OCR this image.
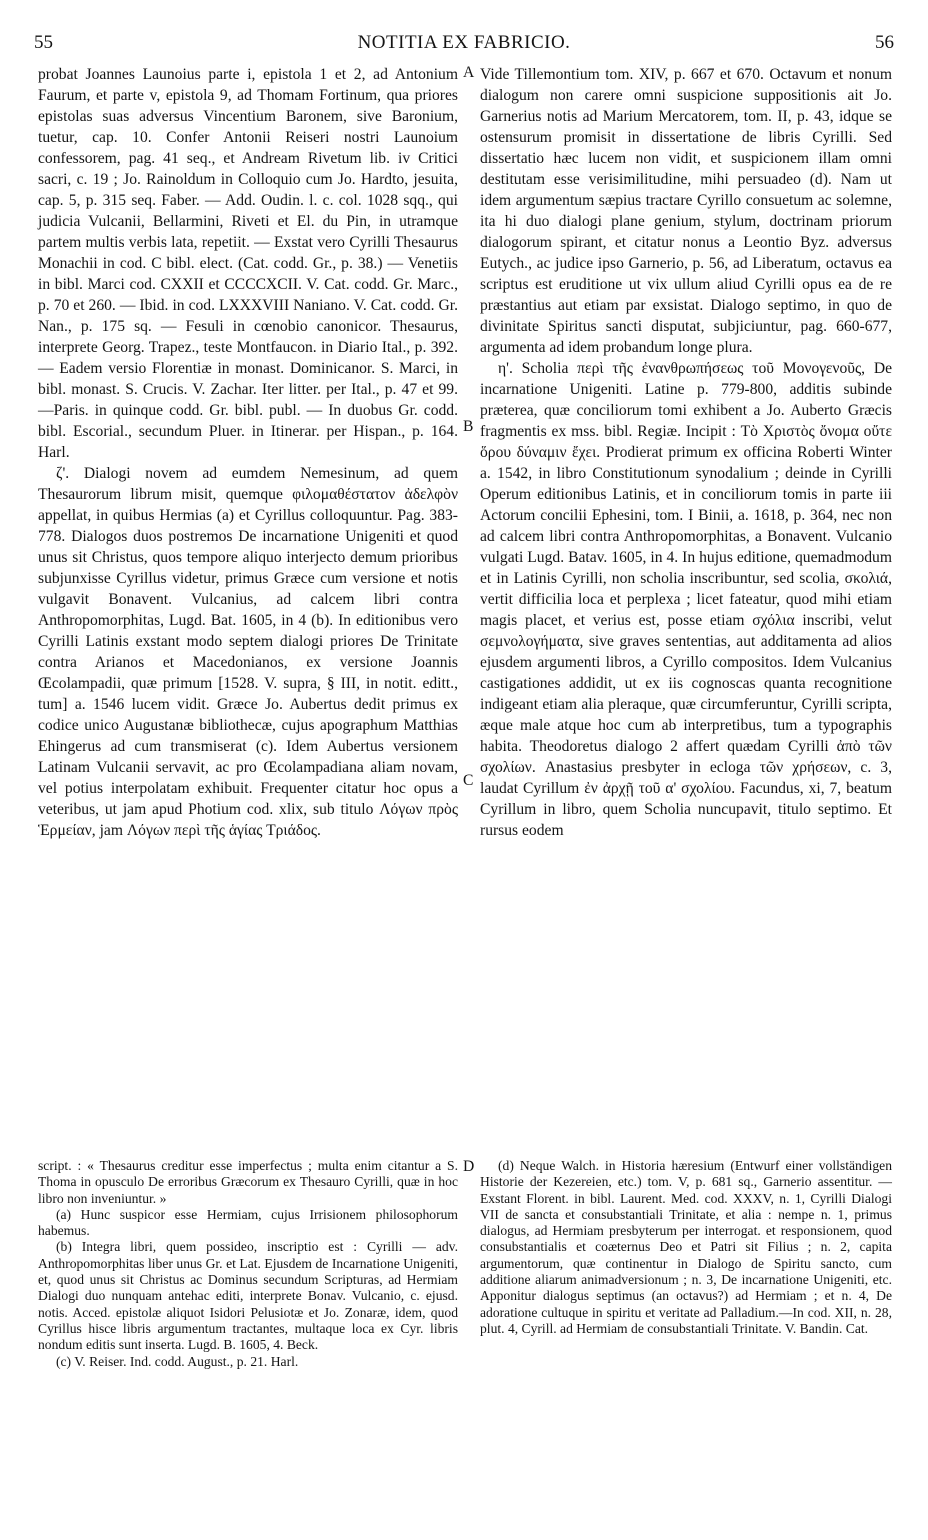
55	NOTITIA EX FABRICIO.	56

probat Joannes Launoius parte i, epistola 1 et 2, ad Antonium Faurum, et parte v, epistola 9, ad Thomam Fortinum, qua priores epistolas suas adversus Vincentium Baronem, sive Baronium, tuetur, cap. 10. Confer Antonii Reiseri nostri Launoium confessorem, pag. 41 seq., et Andream Rivetum lib. iv Critici sacri, c. 19 ; Jo. Rainoldum in Colloquio cum Jo. Hardto, jesuita, cap. 5, p. 315 seq. Faber. — Add. Oudin. l. c. col. 1028 sqq., qui judicia Vulcanii, Bellarmini, Riveti et El. du Pin, in utramque partem multis verbis lata, repetiit. — Exstat vero Cyrilli Thesaurus Monachii in cod. C bibl. elect. (Cat. codd. Gr., p. 38.) — Venetiis in bibl. Marci cod. CXXII et CCCCXCII. V. Cat. codd. Gr. Marc., p. 70 et 260. — Ibid. in cod. LXXXVIII Naniano. V. Cat. codd. Gr. Nan., p. 175 sq. — Fesuli in cœnobio canonicor. Thesaurus, interprete Georg. Trapez., teste Montfaucon. in Diario Ital., p. 392. — Eadem versio Florentiæ in monast. Dominicanor. S. Marci, in bibl. monast. S. Crucis. V. Zachar. Iter litter. per Ital., p. 47 et 99.—Paris. in quinque codd. Gr. bibl. publ. — In duobus Gr. codd. bibl. Escorial., secundum Pluer. in Itinerar. per Hispan., p. 164. Harl.

ζ'. Dialogi novem ad eumdem Nemesinum, ad quem Thesaurorum librum misit, quemque φιλομαθέστατον ἀδελφὸν appellat, in quibus Hermias (a) et Cyrillus colloquuntur. Pag. 383-778. Dialogos duos postremos De incarnatione Unigeniti et quod unus sit Christus, quos tempore aliquo interjecto demum prioribus subjunxisse Cyrillus videtur, primus Græce cum versione et notis vulgavit Bonavent. Vulcanius, ad calcem libri contra Anthropomorphitas, Lugd. Bat. 1605, in 4 (b). In editionibus vero Cyrilli Latinis exstant modo septem dialogi priores De Trinitate contra Arianos et Macedonianos, ex versione Joannis Œcolampadii, quæ primum [1528. V. supra, § III, in notit. editt., tum] a. 1546 lucem vidit. Græce Jo. Aubertus dedit primus ex codice unico Augustanæ bibliothecæ, cujus apographum Matthias Ehingerus ad cum transmiserat (c). Idem Aubertus versionem Latinam Vulcanii servavit, ac pro Œcolampadiana aliam novam, vel potius interpolatam exhibuit. Frequenter citatur hoc opus a veteribus, ut jam apud Photium cod. xlix, sub titulo Λόγων πρὸς Ἑρμείαν, jam Λόγων περὶ τῆς ἁγίας Τριάδος.

Vide Tillemontium tom. XIV, p. 667 et 670. Octavum et nonum dialogum non carere omni suspicione suppositionis ait Jo. Garnerius notis ad Marium Mercatorem, tom. II, p. 43, idque se ostensurum promisit in dissertatione de libris Cyrilli. Sed dissertatio hæc lucem non vidit, et suspicionem illam omni destitutam esse verisimilitudine, mihi persuadeo (d). Nam ut idem argumentum sæpius tractare Cyrillo consuetum ac solemne, ita hi duo dialogi plane genium, stylum, doctrinam priorum dialogorum spirant, et citatur nonus a Leontio Byz. adversus Eutych., ac judice ipso Garnerio, p. 56, ad Liberatum, octavus ea scriptus est eruditione ut vix ullum aliud Cyrilli opus ea de re præstantius aut etiam par exsistat. Dialogo septimo, in quo de divinitate Spiritus sancti disputat, subjiciuntur, pag. 660-677, argumenta ad idem probandum longe plura.

η'. Scholia περὶ τῆς ἐνανθρωπήσεως τοῦ Μονογενοῦς, De incarnatione Unigeniti. Latine p. 779-800, additis subinde præterea, quæ conciliorum tomi exhibent a Jo. Auberto Græcis fragmentis ex mss. bibl. Regiæ. Incipit : Τὸ Χριστὸς ὄνομα οὔτε ὅρου δύναμιν ἔχει. Prodierat primum ex officina Roberti Winter a. 1542, in libro Constitutionum synodalium ; deinde in Cyrilli Operum editionibus Latinis, et in conciliorum tomis in parte iii Actorum concilii Ephesini, tom. I Binii, a. 1618, p. 364, nec non ad calcem libri contra Anthropomorphitas, a Bonavent. Vulcanio vulgati Lugd. Batav. 1605, in 4. In hujus editione, quemadmodum et in Latinis Cyrilli, non scholia inscribuntur, sed scolia, σκολιά, vertit difficilia loca et perplexa ; licet fateatur, quod mihi etiam magis placet, et verius est, posse etiam σχόλια inscribi, velut σεμνολογήματα, sive graves sententias, aut additamenta ad alios ejusdem argumenti libros, a Cyrillo compositos. Idem Vulcanius castigationes addidit, ut ex iis cognoscas quanta recognitione indigeant etiam alia pleraque, quæ circumferuntur, Cyrilli scripta, æque male atque hoc cum ab interpretibus, tum a typographis habita. Theodoretus dialogo 2 affert quædam Cyrilli ἀπὸ τῶν σχολίων. Anastasius presbyter in ecloga τῶν χρήσεων, c. 3, laudat Cyrillum ἐν ἀρχῇ τοῦ α' σχολίου. Facundus, xi, 7, beatum Cyrillum in libro, quem Scholia nuncupavit, titulo septimo. Et rursus eodem

A
B
C
D

script. : « Thesaurus creditur esse imperfectus ; multa enim citantur a S. Thoma in opusculo De erroribus Græcorum ex Thesauro Cyrilli, quæ in hoc libro non inveniuntur. »

(a) Hunc suspicor esse Hermiam, cujus Irrisionem philosophorum habemus.

(b) Integra libri, quem possideo, inscriptio est : Cyrilli — adv. Anthropomorphitas liber unus Gr. et Lat. Ejusdem de Incarnatione Unigeniti, et, quod unus sit Christus ac Dominus secundum Scripturas, ad Hermiam Dialogi duo nunquam antehac editi, interprete Bonav. Vulcanio, c. ejusd. notis. Acced. epistolæ aliquot Isidori Pelusiotæ et Jo. Zonaræ, idem, quod Cyrillus hisce libris argumentum tractantes, multaque loca ex Cyr. libris nondum editis sunt inserta. Lugd. B. 1605, 4. Beck.

(c) V. Reiser. Ind. codd. August., p. 21. Harl.

(d) Neque Walch. in Historia hæresium (Entwurf einer vollständigen Historie der Kezereien, etc.) tom. V, p. 681 sq., Garnerio assentitur. — Exstant Florent. in bibl. Laurent. Med. cod. XXXV, n. 1, Cyrilli Dialogi VII de sancta et consubstantiali Trinitate, et alia : nempe n. 1, primus dialogus, ad Hermiam presbyterum per interrogat. et responsionem, quod consubstantialis et coæternus Deo et Patri sit Filius ; n. 2, capita argumentorum, quæ continentur in Dialogo de Spiritu sancto, cum additione aliarum animadversionum ; n. 3, De incarnatione Unigeniti, etc. Apponitur dialogus septimus (an octavus?) ad Hermiam ; et n. 4, De adoratione cultuque in spiritu et veritate ad Palladium.—In cod. XII, n. 28, plut. 4, Cyrill. ad Hermiam de consubstantiali Trinitate. V. Bandin. Cat.
